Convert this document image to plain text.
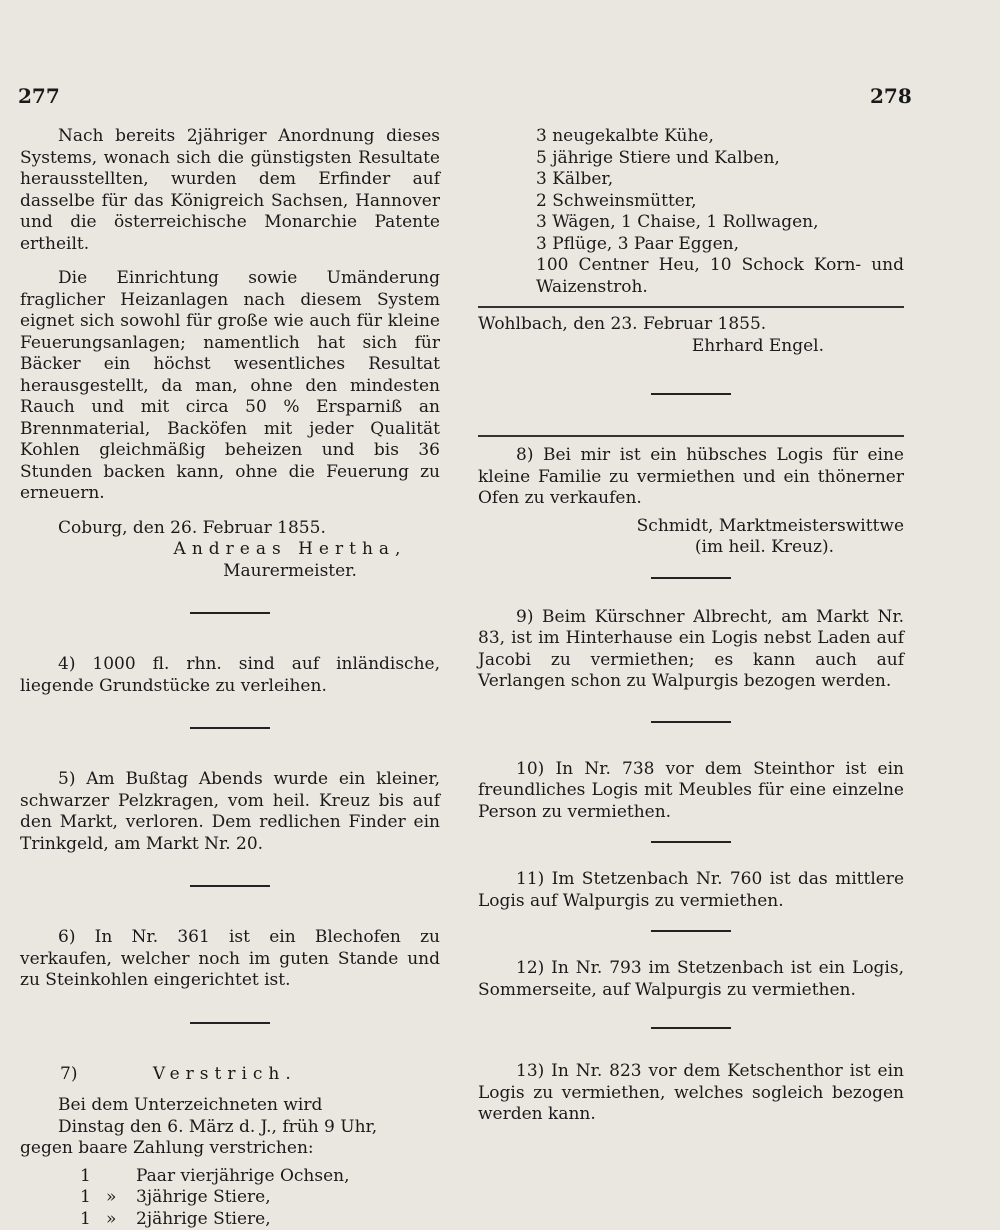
277	278

Nach bereits 2jähriger Anordnung dieses Systems, wonach sich die günstigsten Resultate herausstellten, wurden dem Erfinder auf dasselbe für das Königreich Sachsen, Hannover und die österreichische Monarchie Patente ertheilt.

Die Einrichtung sowie Umänderung fraglicher Heizanlagen nach diesem System eignet sich sowohl für große wie auch für kleine Feuerungsanlagen; namentlich hat sich für Bäcker ein höchst wesentliches Resultat herausgestellt, da man, ohne den mindesten Rauch und mit circa 50 % Ersparniß an Brennmaterial, Backöfen mit jeder Qualität Kohlen gleichmäßig beheizen und bis 36 Stunden backen kann, ohne die Feuerung zu erneuern.

Coburg, den 26. Februar 1855.

Andreas Hertha,

Maurermeister.

4) 1000 fl. rhn. sind auf inländische, liegende Grundstücke zu verleihen.

5) Am Bußtag Abends wurde ein kleiner, schwarzer Pelzkragen, vom heil. Kreuz bis auf den Markt, verloren. Dem redlichen Finder ein Trinkgeld, am Markt Nr. 20.

6) In Nr. 361 ist ein Blechofen zu verkaufen, welcher noch im guten Stande und zu Steinkohlen eingerichtet ist.

7)	Verstrich.

Bei dem Unterzeichneten wird

Dinstag den 6. März d. J., früh 9 Uhr,

gegen baare Zahlung verstrichen:

1	Paar vierjährige Ochsen,
1 »	3jährige Stiere,
1 »	2jährige Stiere,

3 neugekalbte Kühe,

5 jährige Stiere und Kalben,

3 Kälber,

2 Schweinsmütter,

3 Wägen, 1 Chaise, 1 Rollwagen,

3 Pflüge, 3 Paar Eggen,

100 Centner Heu, 10 Schock Korn- und Waizenstroh.

Wohlbach, den 23. Februar 1855.

Ehrhard Engel.

8) Bei mir ist ein hübsches Logis für eine kleine Familie zu vermiethen und ein thönerner Ofen zu verkaufen.

Schmidt, Marktmeisterswittwe

(im heil. Kreuz).

9) Beim Kürschner Albrecht, am Markt Nr. 83, ist im Hinterhause ein Logis nebst Laden auf Jacobi zu vermiethen; es kann auch auf Verlangen schon zu Walpurgis bezogen werden.

10) In Nr. 738 vor dem Steinthor ist ein freundliches Logis mit Meubles für eine einzelne Person zu vermiethen.

11) Im Stetzenbach Nr. 760 ist das mittlere Logis auf Walpurgis zu vermiethen.

12) In Nr. 793 im Stetzenbach ist ein Logis, Sommerseite, auf Walpurgis zu vermiethen.

13) In Nr. 823 vor dem Ketschenthor ist ein Logis zu vermiethen, welches sogleich bezogen werden kann.
